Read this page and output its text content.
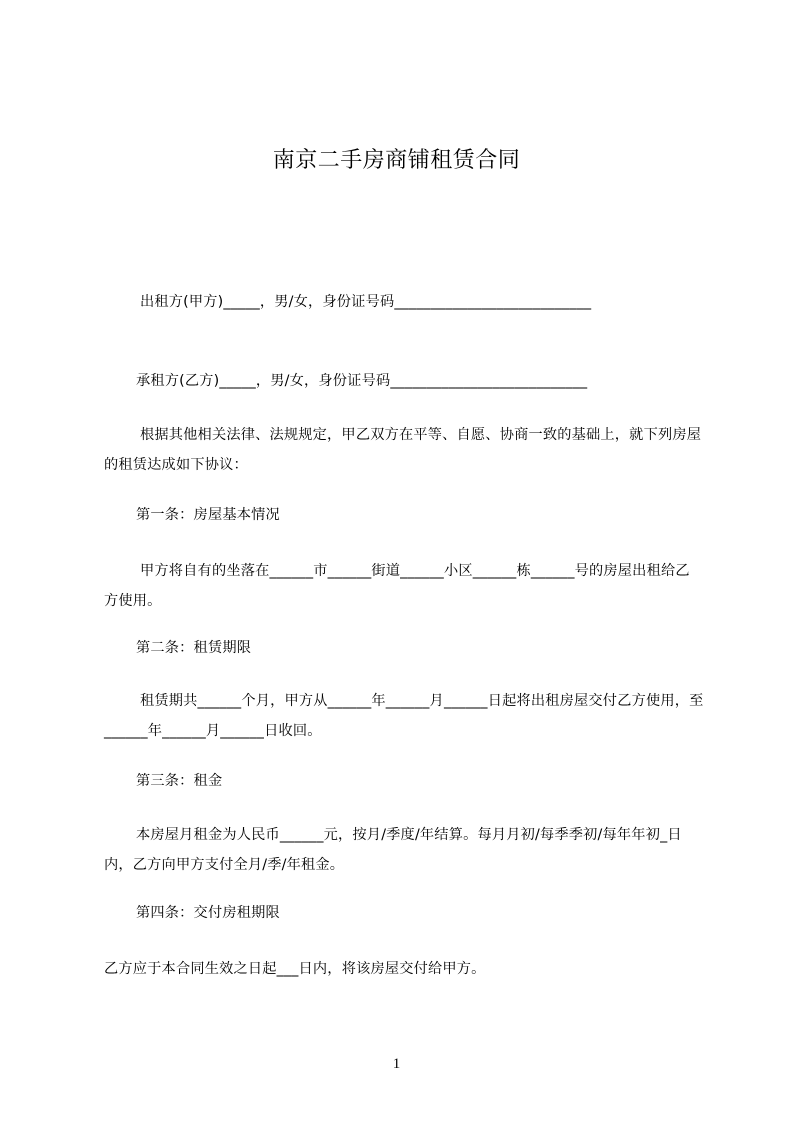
南京二手房商铺租赁合同
出租方(甲方)_____，男/女，身份证号码___________________________
承租方(乙方)_____，男/女，身份证号码___________________________
根据其他相关法律、法规规定，甲乙双方在平等、自愿、协商一致的基础上，就下列房屋的租赁达成如下协议：
第一条：房屋基本情况
甲方将自有的坐落在______市______街道______小区______栋______号的房屋出租给乙方使用。
第二条：租赁期限
租赁期共______个月，甲方从______年______月______日起将出租房屋交付乙方使用，至______年______月______日收回。
第三条：租金
本房屋月租金为人民币______元，按月/季度/年结算。每月月初/每季季初/每年年初_日内，乙方向甲方支付全月/季/年租金。
第四条：交付房租期限
乙方应于本合同生效之日起___日内，将该房屋交付给甲方。
1
